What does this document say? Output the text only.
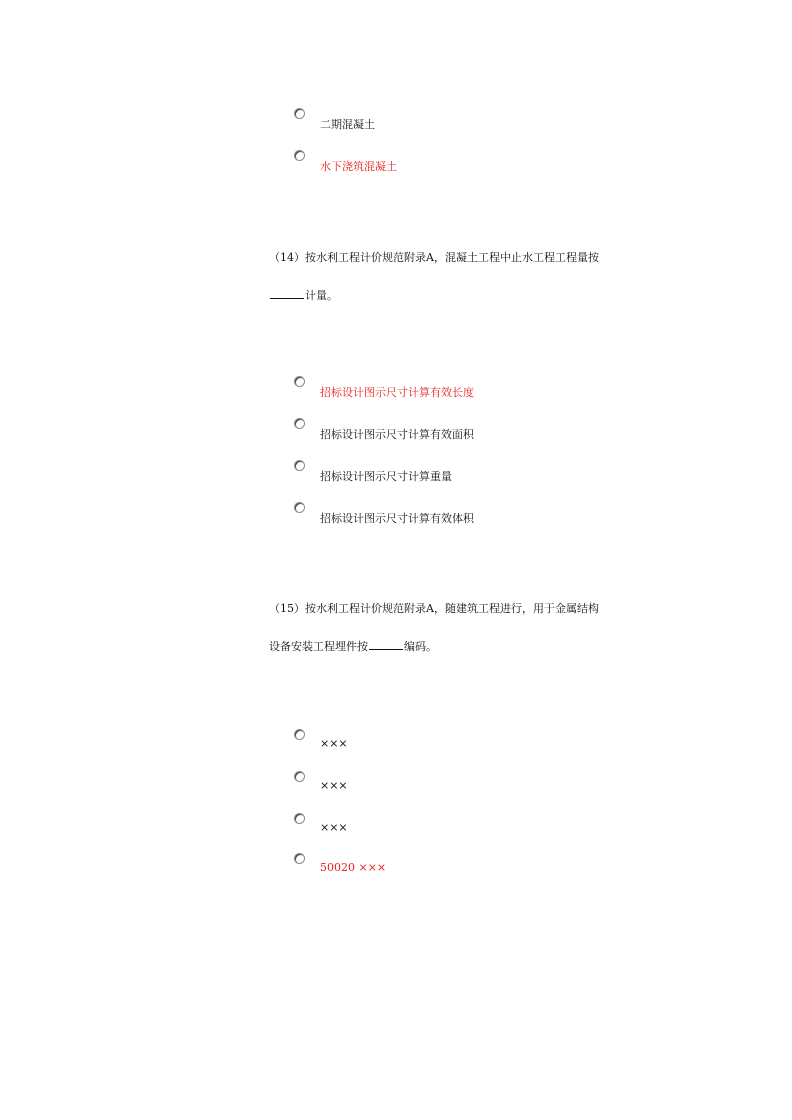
二期混凝土
水下浇筑混凝土
（14）按水利工程计价规范附录A，混凝土工程中止水工程工程量按
计量。
招标设计图示尺寸计算有效长度
招标设计图示尺寸计算有效面积
招标设计图示尺寸计算重量
招标设计图示尺寸计算有效体积
（15）按水利工程计价规范附录A，随建筑工程进行，用于金属结构
设备安装工程埋件按	编码。
×××
×××
×××
50020 ×××
